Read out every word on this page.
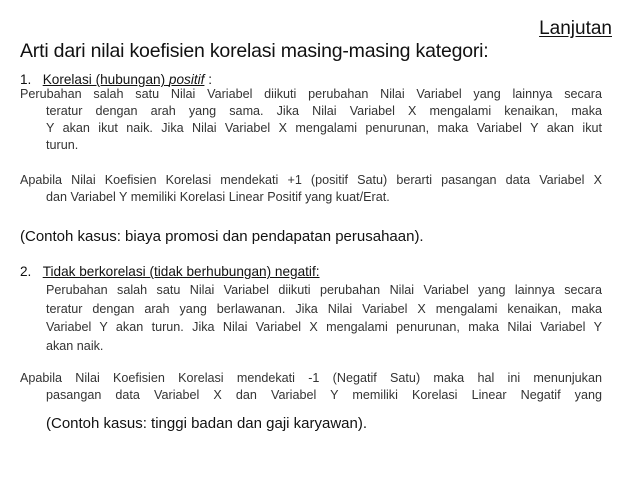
Lanjutan
Arti dari nilai koefisien korelasi masing-masing kategori:
1. Korelasi (hubungan) positif :
Perubahan salah satu Nilai Variabel diikuti perubahan Nilai Variabel yang lainnya secara
teratur dengan arah yang sama. Jika Nilai Variabel X mengalami kenaikan, maka
Y akan ikut naik. Jika Nilai Variabel X mengalami penurunan, maka Variabel Y akan ikut
turun.
Apabila Nilai Koefisien Korelasi mendekati +1 (positif Satu) berarti pasangan data Variabel X
dan Variabel Y memiliki Korelasi Linear Positif yang kuat/Erat.
(Contoh kasus: biaya promosi dan pendapatan perusahaan).
2. Tidak berkorelasi (tidak berhubungan) negatif:
Perubahan salah satu Nilai Variabel diikuti perubahan Nilai Variabel yang lainnya secara
teratur dengan arah yang berlawanan. Jika Nilai Variabel X mengalami kenaikan, maka
Variabel Y akan turun. Jika Nilai Variabel X mengalami penurunan, maka Nilai Variabel Y
akan naik.
Apabila Nilai Koefisien Korelasi mendekati -1 (Negatif Satu) maka hal ini menunjukan
pasangan data Variabel X dan Variabel Y memiliki Korelasi Linear Negatif yang
(Contoh kasus: tinggi badan dan gaji karyawan).
